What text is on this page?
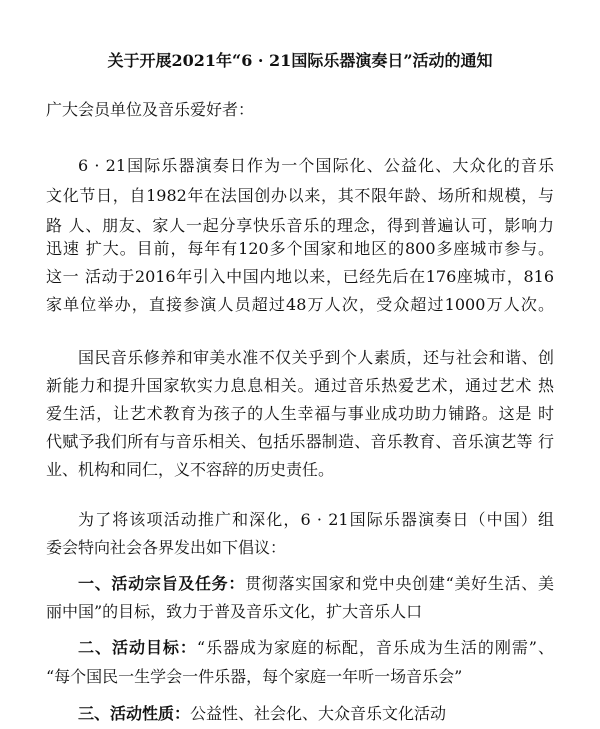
关于开展2021年“6 · 21国际乐器演奏日”活动的通知
广大会员单位及音乐爱好者：
6 · 21国际乐器演奏日作为一个国际化、公益化、大众化的音乐
文化节日，自1982年在法国创办以来，其不限年龄、场所和规模，与
路 人、朋友、家人一起分享快乐音乐的理念，得到普遍认可，影响力
迅速 扩大。目前，每年有120多个国家和地区的800多座城市参与。
这一 活动于2016年引入中国内地以来，已经先后在176座城市，816
家单位举办，直接参演人员超过48万人次，受众超过1000万人次。
国民音乐修养和审美水准不仅关乎到个人素质，还与社会和谐、创
新能力和提升国家软实力息息相关。通过音乐热爱艺术，通过艺术 热
爱生活，让艺术教育为孩子的人生幸福与事业成功助力铺路。这是 时
代赋予我们所有与音乐相关、包括乐器制造、音乐教育、音乐演艺等 行
业、机构和同仁，义不容辞的历史责任。
为了将该项活动推广和深化，6 · 21国际乐器演奏日（中国）组
委会特向社会各界发出如下倡议：
一、活动宗旨及任务：贯彻落实国家和党中央创建“美好生活、美
丽中国”的目标，致力于普及音乐文化，扩大音乐人口
二、活动目标：“乐器成为家庭的标配，音乐成为生活的刚需”、
“每个国民一生学会一件乐器，每个家庭一年听一场音乐会”
三、活动性质：公益性、社会化、大众音乐文化活动
